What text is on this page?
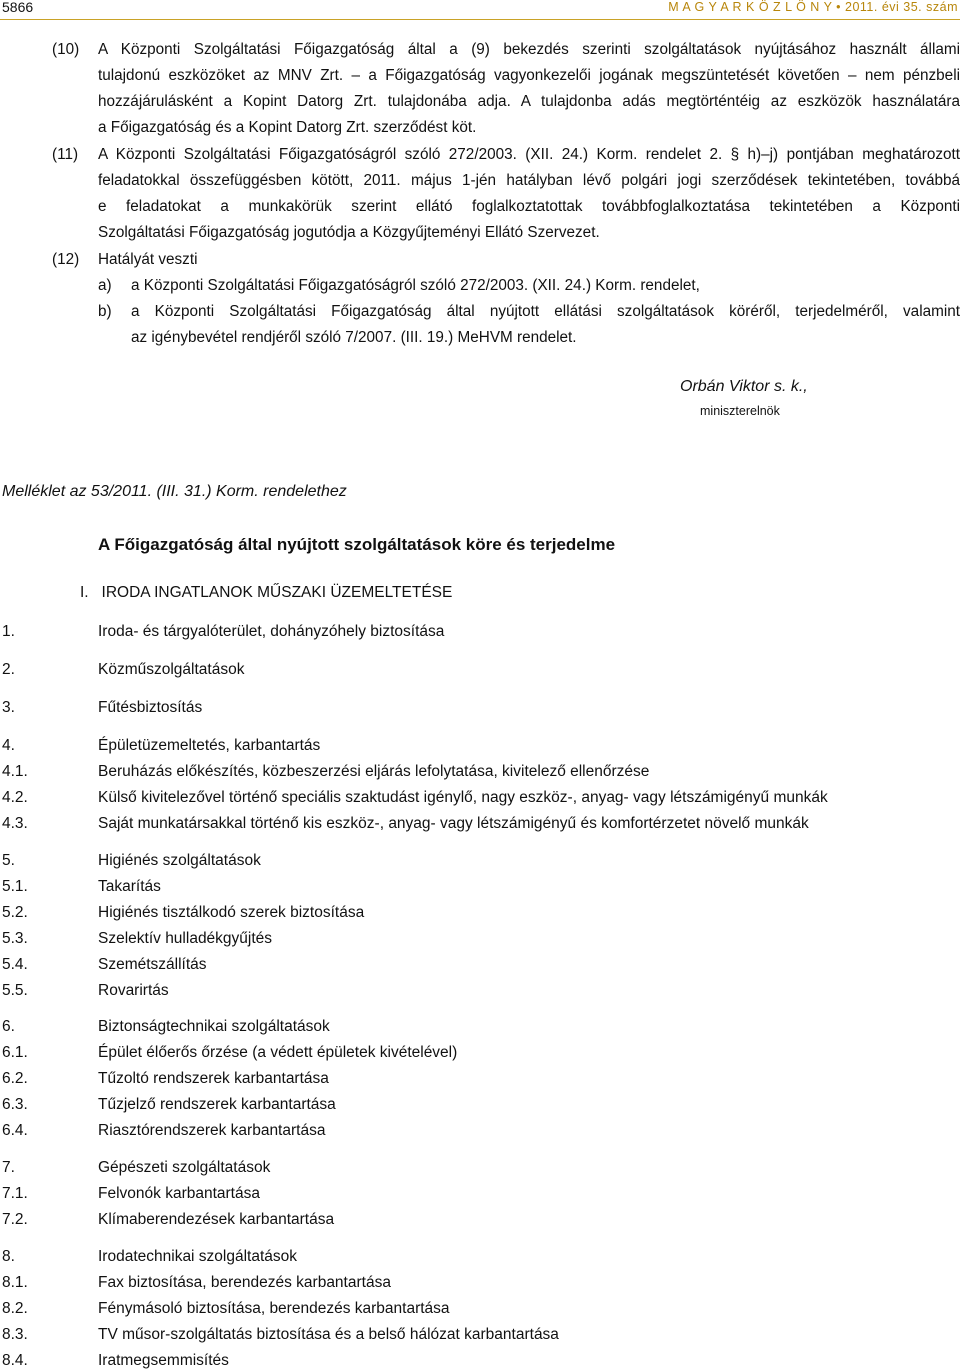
5866	M A G Y A R K Ö Z L Ö N Y • 2011. évi 35. szám
(10) A Központi Szolgáltatási Főigazgatóság által a (9) bekezdés szerinti szolgáltatások nyújtásához használt állami
tulajdonú eszközöket az MNV Zrt. – a Főigazgatóság vagyonkezelői jogának megszüntetését követően – nem pénzbeli
hozzájárulásként a Kopint Datorg Zrt. tulajdonába adja. A tulajdonba adás megtörténtéig az eszközök használatára
a Főigazgatóság és a Kopint Datorg Zrt. szerződést köt.
(11) A Központi Szolgáltatási Főigazgatóságról szóló 272/2003. (XII. 24.) Korm. rendelet 2. § h)–j) pontjában meghatározott
feladatokkal összefüggésben kötött, 2011. május 1-jén hatályban lévő polgári jogi szerződések tekintetében, továbbá
e feladatokat a munkakörük szerint ellátó foglalkoztatottak továbbfoglalkoztatása tekintetében a Központi
Szolgáltatási Főigazgatóság jogutódja a Közgyűjteményi Ellátó Szervezet.
(12) Hatályát veszti
a) a Központi Szolgáltatási Főigazgatóságról szóló 272/2003. (XII. 24.) Korm. rendelet,
b) a Központi Szolgáltatási Főigazgatóság által nyújtott ellátási szolgáltatások köréről, terjedelméről, valamint
az igénybevétel rendjéről szóló 7/2007. (III. 19.) MeHVM rendelet.
Orbán Viktor s. k.,
miniszterelnök
Melléklet az 53/2011. (III. 31.) Korm. rendelethez
A Főigazgatóság által nyújtott szolgáltatások köre és terjedelme
I.   IRODA INGATLANOK MŰSZAKI ÜZEMELTETÉSE
1.	Iroda- és tárgyalóterület, dohányzóhely biztosítása
2.	Közműszolgáltatások
3.	Fűtésbiztosítás
4.	Épületüzemeltetés, karbantartás
4.1.	Beruházás előkészítés, közbeszerzési eljárás lefolytatása, kivitelező ellenőrzése
4.2.	Külső kivitelezővel történő speciális szaktudást igénylő, nagy eszköz-, anyag- vagy létszámigényű munkák
4.3.	Saját munkatársakkal történő kis eszköz-, anyag- vagy létszámigényű és komfortérzetet növelő munkák
5.	Higiénés szolgáltatások
5.1.	Takarítás
5.2.	Higiénés tisztálkodó szerek biztosítása
5.3.	Szelektív hulladékgyűjtés
5.4.	Szemétszállítás
5.5.	Rovarirtás
6.	Biztonságtechnikai szolgáltatások
6.1.	Épület élőerős őrzése (a védett épületek kivételével)
6.2.	Tűzoltó rendszerek karbantartása
6.3.	Tűzjelző rendszerek karbantartása
6.4.	Riasztórendszerek karbantartása
7.	Gépészeti szolgáltatások
7.1.	Felvonók karbantartása
7.2.	Klímaberendezések karbantartása
8.	Irodatechnikai szolgáltatások
8.1.	Fax biztosítása, berendezés karbantartása
8.2.	Fénymásoló biztosítása, berendezés karbantartása
8.3.	TV műsor-szolgáltatás biztosítása és a belső hálózat karbantartása
8.4.	Iratmegsemmisítés
